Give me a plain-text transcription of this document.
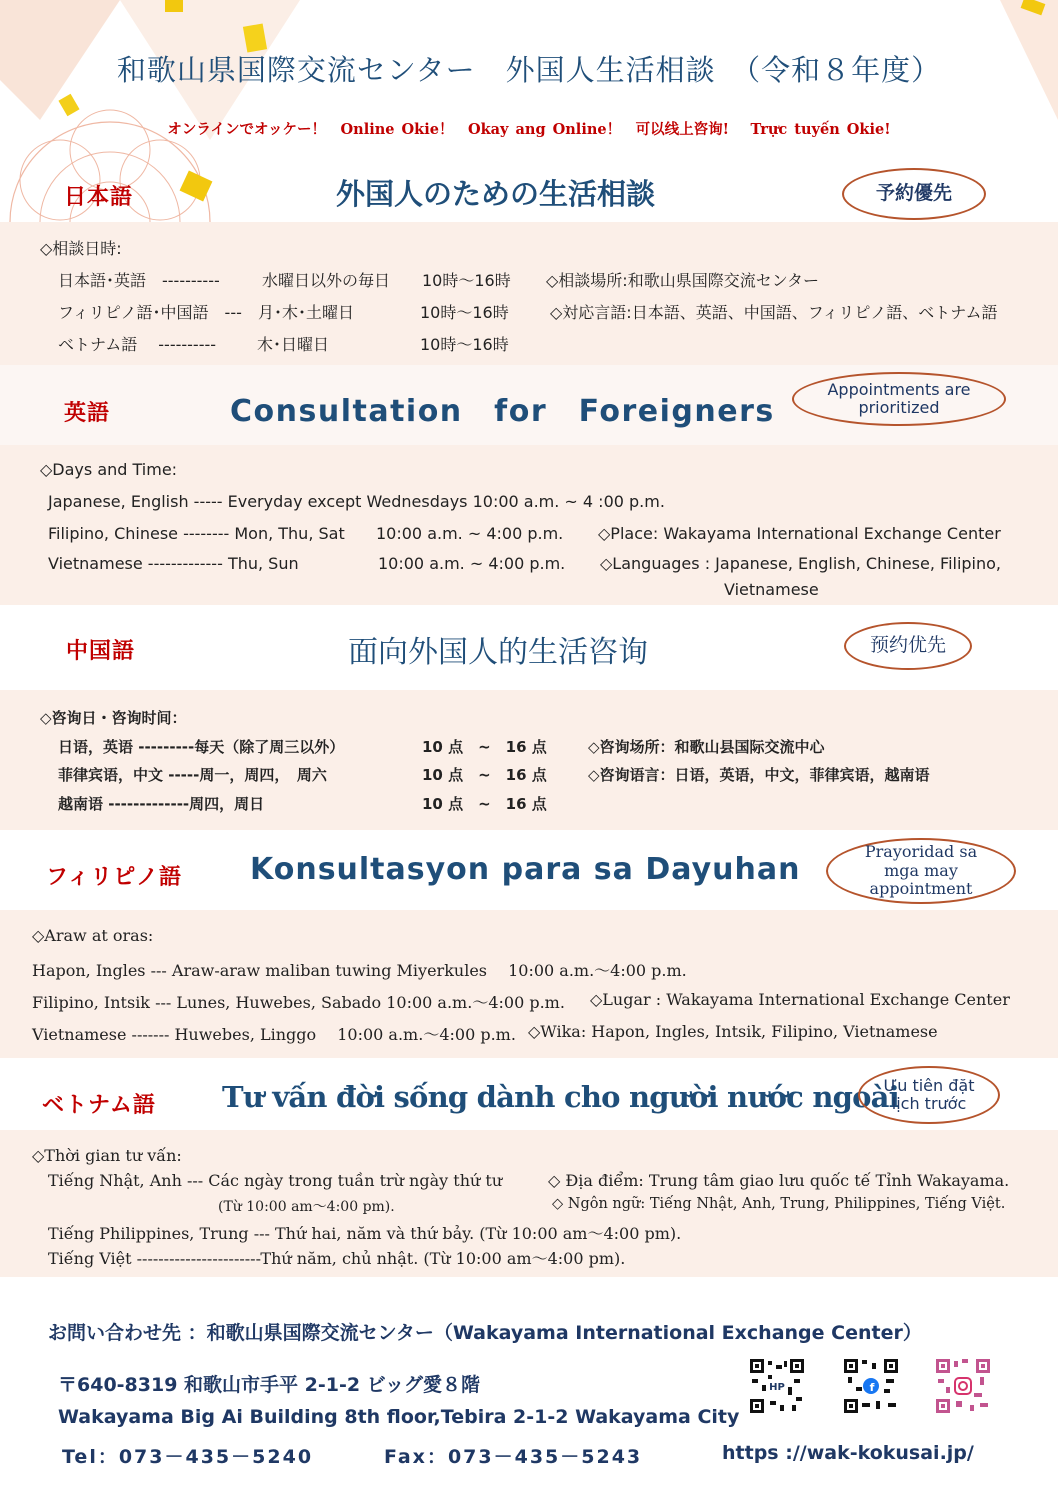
和歌山県国際交流センター　外国人生活相談　（令和８年度）
オンラインでオッケー！　Online Okie！　Okay ang Online！　可以线上咨询!　 Trực tuyến Okie!
日本語	外国人のための生活相談	予約優先
◇相談日時:
日本語･英語　----------	水曜日以外の毎日 10時～16時
フィリピノ語･中国語　--- 月･木･土曜日	10時～16時
ベトナム語　 ----------	木･日曜日	10時～16時
◇相談場所:和歌山県国際交流センター
◇対応言語:日本語、英語、中国語、フィリピノ語、ベトナム語
英語	Consultation　for　Foreigners
Appointments are prioritized
◇Days and Time:
Japanese, English ----- Everyday except Wednesdays 10:00 a.m. ~ 4 :00 p.m.
Filipino, Chinese -------- Mon, Thu, Sat 10:00 a.m. ~ 4:00 p.m.
Vietnamese ------------- Thu, Sun	10:00 a.m. ~ 4:00 p.m.
◇Place: Wakayama International Exchange Center
◇Languages : Japanese, English, Chinese, Filipino,
Vietnamese
中国語	面向外国人的生活咨询	预约优先
◇咨询日・咨询时间：
日语，英语 ---------每天（除了周三以外）	10 点　~　16 点
菲律宾语，中文 -----周一，周四，　周六	10 点　~　16 点
越南语 -------------周四，周日	10 点　~　16 点
◇咨询场所：和歌山县国际交流中心
◇咨询语言：日语，英语，中文，菲律宾语，越南语
フィリピノ語 Konsultasyon para sa Dayuhan
Prayoridad sa mga may appointment
◇Araw at oras:
Hapon, Ingles --- Araw-araw maliban tuwing Miyerkules　 10:00 a.m.～4:00 p.m.
Filipino, Intsik --- Lunes, Huwebes, Sabado 10:00 a.m.～4:00 p.m. ◇Lugar : Wakayama International Exchange Center
Vietnamese ------- Huwebes, Linggo　 10:00 a.m.～4:00 p.m. ◇Wika: Hapon, Ingles, Intsik, Filipino, Vietnamese
ベトナム語 Tư vấn đời sống dành cho người nước ngoài
Ưu tiên đặt lịch trước
◇Thời gian tư vấn:
Tiếng Nhật, Anh --- Các ngày trong tuần trừ ngày thứ tư
(Từ 10:00 am～4:00 pm).
◇ Địa điểm: Trung tâm giao lưu quốc tế Tỉnh Wakayama.
◇ Ngôn ngữ: Tiếng Nhật, Anh, Trung, Philippines, Tiếng Việt.
Tiếng Philippines, Trung --- Thứ hai, năm và thứ bảy. (Từ 10:00 am～4:00 pm).
Tiếng Việt -----------------------Thứ năm, chủ nhật. (Từ 10:00 am～4:00 pm).
お問い合わせ先 ：和歌山県国際交流センター（Wakayama International Exchange Center）
〒640-8319 和歌山市手平 2-1-2 ビッグ愛８階
Wakayama Big Ai Building 8th floor,Tebira 2-1-2 Wakayama City
Tel：073－435－5240	Fax：073－435－5243	https ://wak-kokusai.jp/
HP	f
